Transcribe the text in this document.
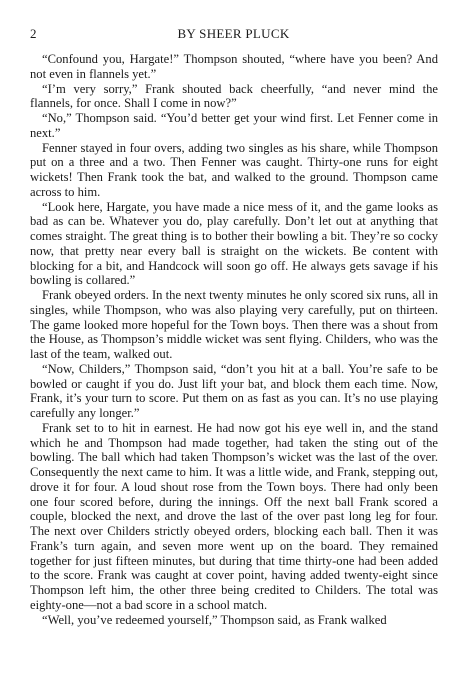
2	BY SHEER PLUCK

“Confound you, Hargate!” Thompson shouted, “where have you been? And not even in flannels yet.”

“I’m very sorry,” Frank shouted back cheerfully, “and never mind the flannels, for once. Shall I come in now?”

“No,” Thompson said. “You’d better get your wind first. Let Fenner come in next.”

Fenner stayed in four overs, adding two singles as his share, while Thompson put on a three and a two. Then Fenner was caught. Thirty-one runs for eight wickets! Then Frank took the bat, and walked to the ground. Thompson came across to him.

“Look here, Hargate, you have made a nice mess of it, and the game looks as bad as can be. Whatever you do, play carefully. Don’t let out at anything that comes straight. The great thing is to bother their bowling a bit. They’re so cocky now, that pretty near every ball is straight on the wickets. Be content with blocking for a bit, and Handcock will soon go off. He always gets savage if his bowling is collared.”

Frank obeyed orders. In the next twenty minutes he only scored six runs, all in singles, while Thompson, who was also playing very carefully, put on thirteen. The game looked more hopeful for the Town boys. Then there was a shout from the House, as Thompson’s middle wicket was sent flying. Childers, who was the last of the team, walked out.

“Now, Childers,” Thompson said, “don’t you hit at a ball. You’re safe to be bowled or caught if you do. Just lift your bat, and block them each time. Now, Frank, it’s your turn to score. Put them on as fast as you can. It’s no use playing carefully any longer.”

Frank set to to hit in earnest. He had now got his eye well in, and the stand which he and Thompson had made together, had taken the sting out of the bowling. The ball which had taken Thompson’s wicket was the last of the over. Consequently the next came to him. It was a little wide, and Frank, stepping out, drove it for four. A loud shout rose from the Town boys. There had only been one four scored before, during the innings. Off the next ball Frank scored a couple, blocked the next, and drove the last of the over past long leg for four. The next over Childers strictly obeyed orders, blocking each ball. Then it was Frank’s turn again, and seven more went up on the board. They remained together for just fifteen minutes, but during that time thirty-one had been added to the score. Frank was caught at cover point, having added twenty-eight since Thompson left him, the other three being credited to Childers. The total was eighty-one—not a bad score in a school match.

“Well, you’ve redeemed yourself,” Thompson said, as Frank walked
